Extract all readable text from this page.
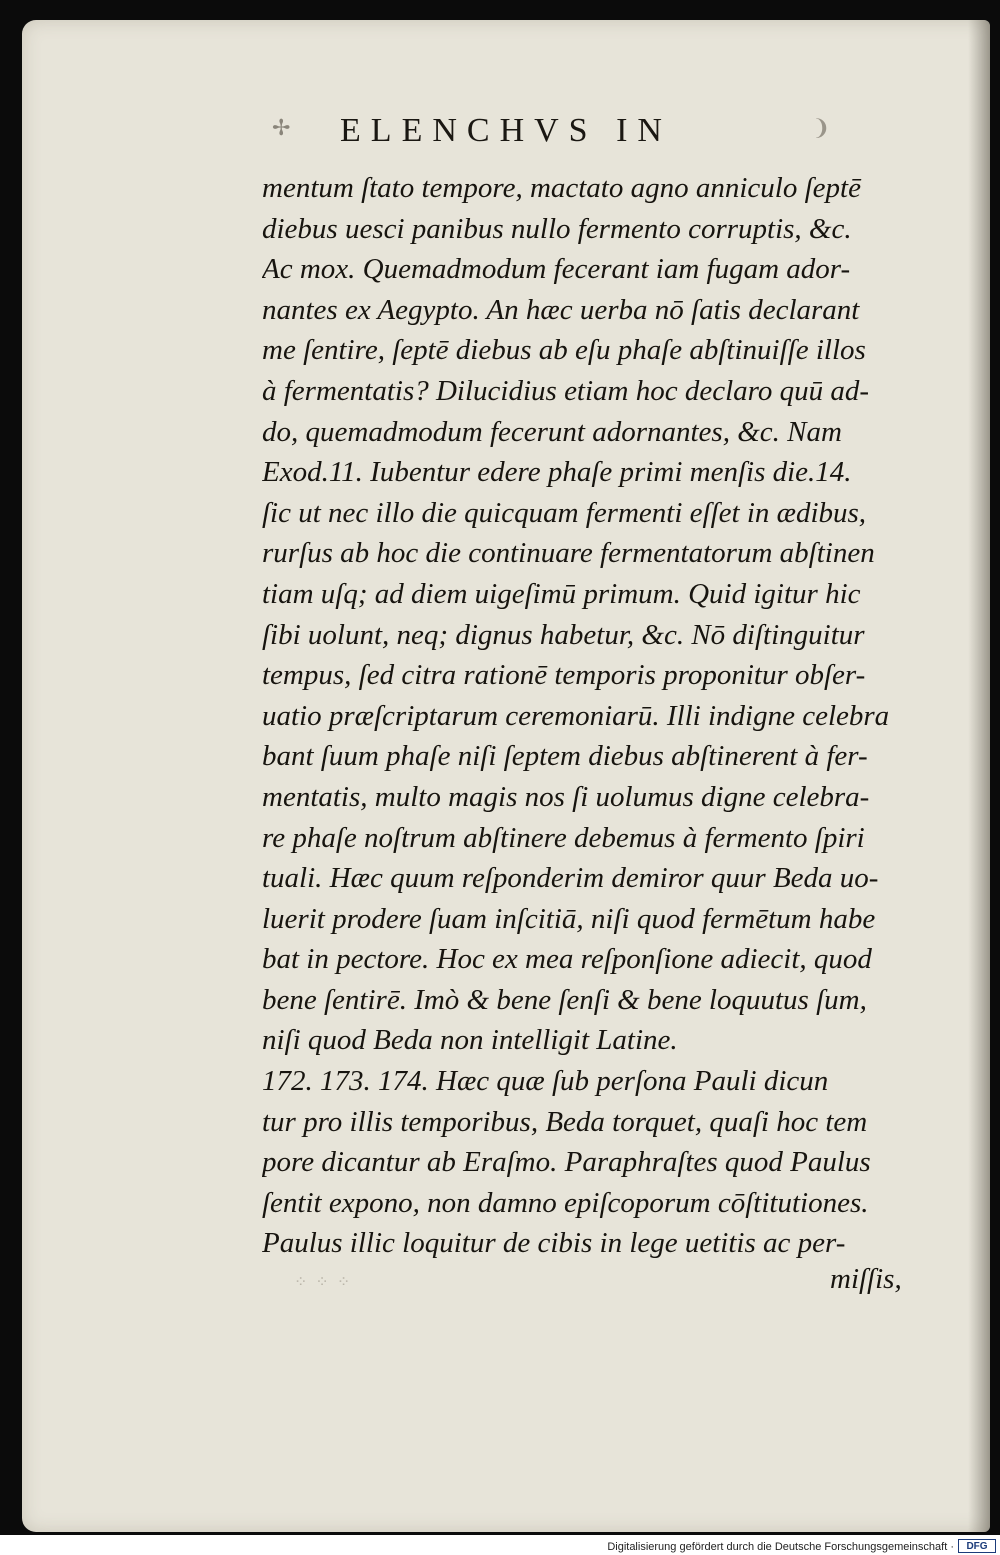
✢	ELENCHVS IN	❩
mentum ſtato tempore, mactato agno anniculo ſeptē
diebus uesci panibus nullo fermento corruptis, &c.
Ac mox. Quemadmodum fecerant iam fugam ador-
nantes ex Aegypto. An hæc uerba nō ſatis declarant
me ſentire, ſeptē diebus ab eſu phaſe abſtinuiſſe illos
à fermentatis? Dilucidius etiam hoc declaro quū ad-
do, quemadmodum fecerunt adornantes, &c. Nam
Exod.11. Iubentur edere phaſe primi menſis die.14.
ſic ut nec illo die quicquam fermenti eſſet in ædibus,
rurſus ab hoc die continuare fermentatorum abſtinen
tiam uſq; ad diem uigeſimū primum. Quid igitur hic
ſibi uolunt, neq; dignus habetur, &c. Nō diſtinguitur
tempus, ſed citra rationē temporis proponitur obſer-
uatio præſcriptarum ceremoniarū. Illi indigne celebra
bant ſuum phaſe niſi ſeptem diebus abſtinerent à fer-
mentatis, multo magis nos ſi uolumus digne celebra-
re phaſe noſtrum abſtinere debemus à fermento ſpiri
tuali. Hæc quum reſponderim demiror quur Beda uo-
luerit prodere ſuam inſcitiā, niſi quod fermētum habe
bat in pectore. Hoc ex mea reſponſione adiecit, quod
bene ſentirē. Imò & bene ſenſi & bene loquutus ſum,
niſi quod Beda non intelligit Latine.
172. 173. 174. Hæc quæ ſub perſona Pauli dicun
tur pro illis temporibus, Beda torquet, quaſi hoc tem
pore dicantur ab Eraſmo. Paraphraſtes quod Paulus
ſentit expono, non damno epiſcoporum cōſtitutiones.
Paulus illic loquitur de cibis in lege uetitis ac per-
⁘ ⁘ ⁘	miſſis,
Digitalisierung gefördert durch die Deutsche Forschungsgemeinschaft ·	DFG
